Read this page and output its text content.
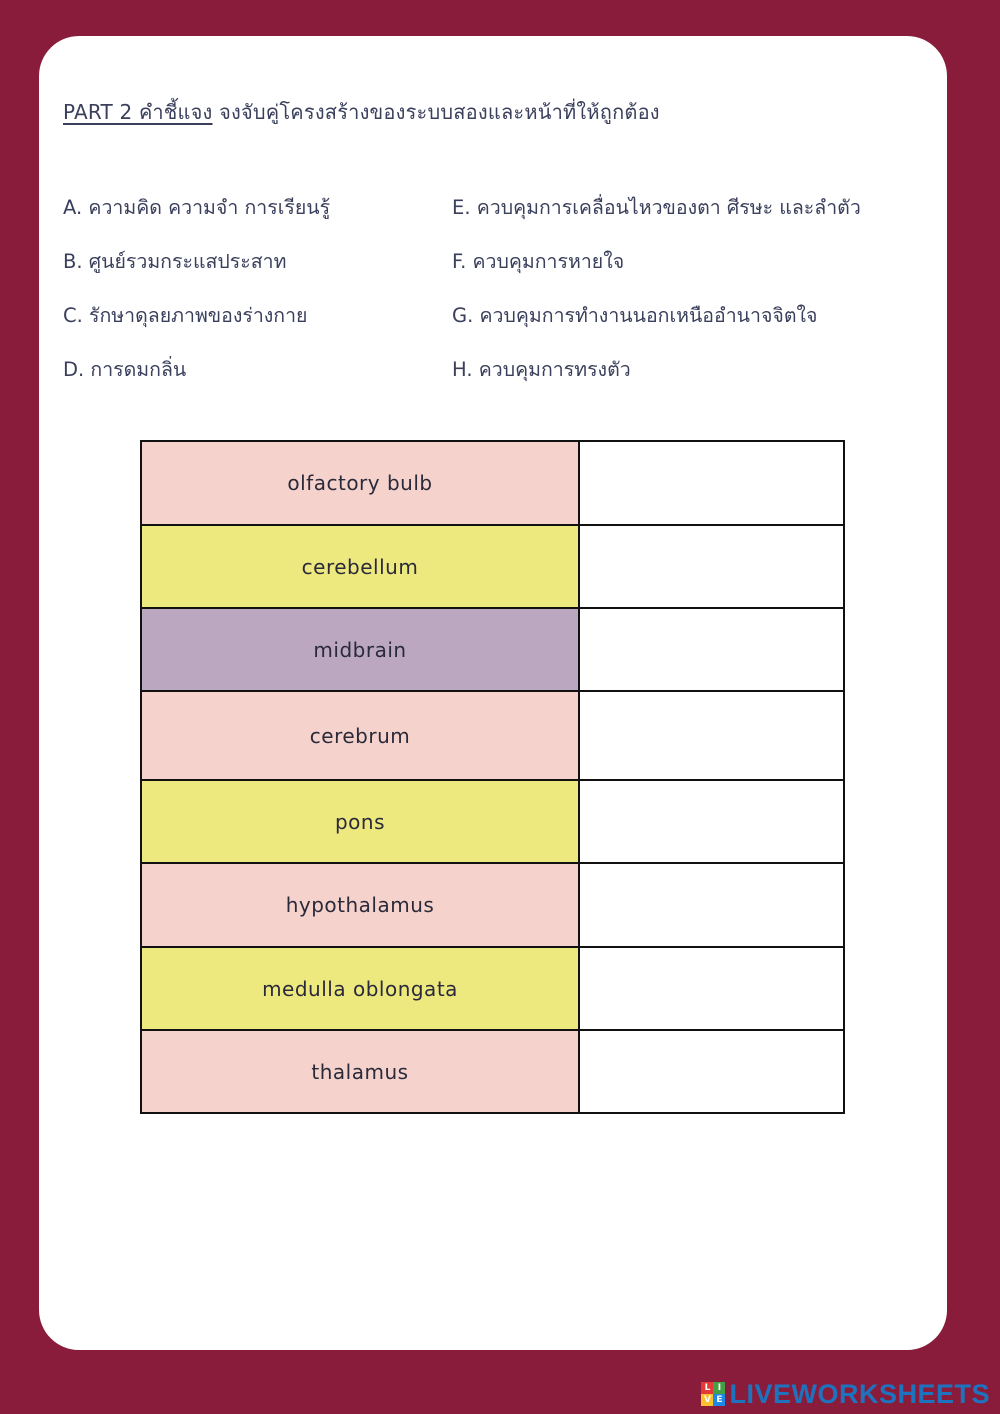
PART 2 คำชี้แจง จงจับคู่โครงสร้างของระบบสองและหน้าที่ให้ถูกต้อง
A. ความคิด ความจำ การเรียนรู้
B. ศูนย์รวมกระแสประสาท
C. รักษาดุลยภาพของร่างกาย
D. การดมกลิ่น
E. ควบคุมการเคลื่อนไหวของตา ศีรษะ และลำตัว
F. ควบคุมการหายใจ
G. ควบคุมการทำงานนอกเหนืออำนาจจิตใจ
H. ควบคุมการทรงตัว
olfactory bulb	
cerebellum	
midbrain	
cerebrum	
pons	
hypothalamus	
medulla oblongata	
thalamus	
L I
V E LIVEWORKSHEETS
